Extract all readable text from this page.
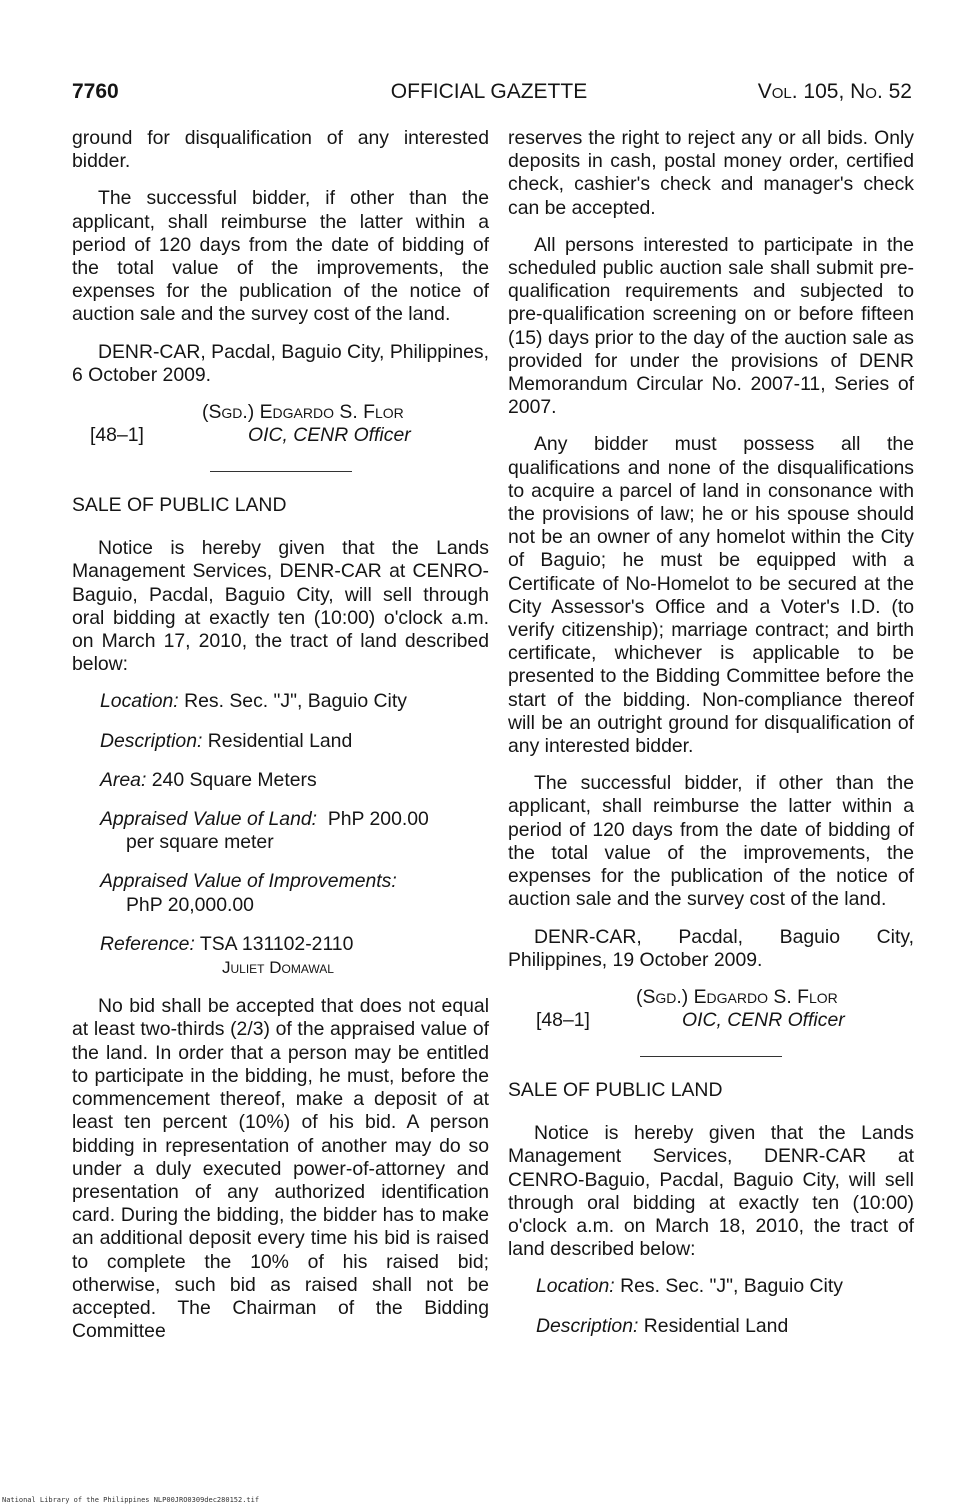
7760	OFFICIAL GAZETTE	Vol. 105, No. 52

ground for disqualification of any interested bidder.

The successful bidder, if other than the applicant, shall reimburse the latter within a period of 120 days from the date of bidding of the total value of the improvements, the expenses for the publication of the notice of auction sale and the survey cost of the land.

DENR-CAR, Pacdal, Baguio City, Philippines, 6 October 2009.

(Sgd.) Edgardo S. Flor
[48–1]	OIC, CENR Officer

SALE OF PUBLIC LAND

Notice is hereby given that the Lands Management Services, DENR-CAR at CENRO-Baguio, Pacdal, Baguio City, will sell through oral bidding at exactly ten (10:00) o'clock a.m. on March 17, 2010, the tract of land described below:

Location: Res. Sec. "J", Baguio City

Description: Residential Land

Area: 240 Square Meters

Appraised Value of Land: PhP 200.00
per square meter

Appraised Value of Improvements:
PhP 20,000.00

Reference: TSA 131102-2110
Juliet Domawal

No bid shall be accepted that does not equal at least two-thirds (2/3) of the appraised value of the land. In order that a person may be entitled to participate in the bidding, he must, before the commencement thereof, make a deposit of at least ten percent (10%) of his bid. A person bidding in representation of another may do so under a duly executed power-of-attorney and presentation of any authorized identification card. During the bidding, the bidder has to make an additional deposit every time his bid is raised to complete the 10% of his raised bid; otherwise, such bid as raised shall not be accepted. The Chairman of the Bidding Committee

reserves the right to reject any or all bids. Only deposits in cash, postal money order, certified check, cashier's check and manager's check can be accepted.

All persons interested to participate in the scheduled public auction sale shall submit pre-qualification requirements and subjected to pre-qualification screening on or before fifteen (15) days prior to the day of the auction sale as provided for under the provisions of DENR Memorandum Circular No. 2007-11, Series of 2007.

Any bidder must possess all the qualifications and none of the disqualifications to acquire a parcel of land in consonance with the provisions of law; he or his spouse should not be an owner of any homelot within the City of Baguio; he must be equipped with a Certificate of No-Homelot to be secured at the City Assessor's Office and a Voter's I.D. (to verify citizenship); marriage contract; and birth certificate, whichever is applicable to be presented to the Bidding Committee before the start of the bidding. Non-compliance thereof will be an outright ground for disqualification of any interested bidder.

The successful bidder, if other than the applicant, shall reimburse the latter within a period of 120 days from the date of bidding of the total value of the improvements, the expenses for the publication of the notice of auction sale and the survey cost of the land.

DENR-CAR, Pacdal, Baguio City, Philippines, 19 October 2009.

(Sgd.) Edgardo S. Flor
[48–1]	OIC, CENR Officer

SALE OF PUBLIC LAND

Notice is hereby given that the Lands Management Services, DENR-CAR at CENRO-Baguio, Pacdal, Baguio City, will sell through oral bidding at exactly ten (10:00) o'clock a.m. on March 18, 2010, the tract of land described below:

Location: Res. Sec. "J", Baguio City

Description: Residential Land

National Library of the Philippines NLP00JRO0309dec280152.tif
